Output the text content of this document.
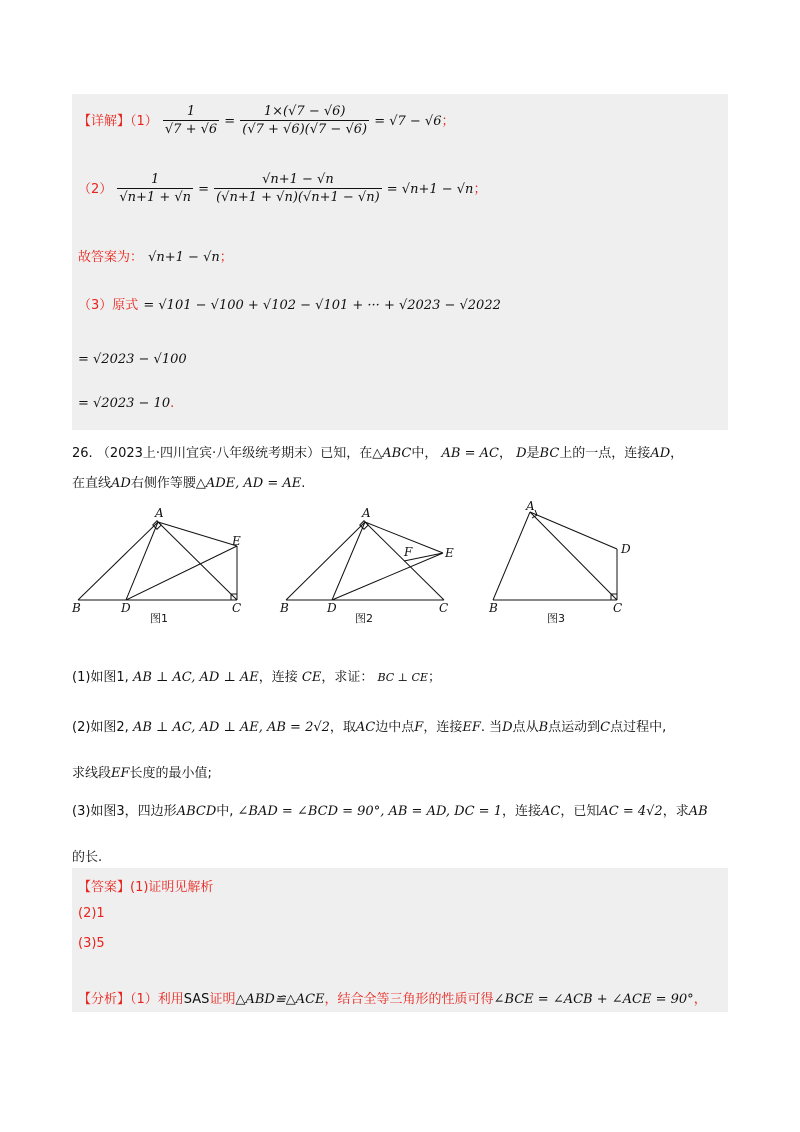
【详解】$(1) \frac{1}{√7 + √6} = \frac{1\times(√7 - √6)}{(√7 + √6)(√7 - √6)} = √7 - √6$；
$(2) \frac{1}{√n+1 + √n} = \frac{√n+1 - √n}{(√n+1 + √n)(√n+1 - √n)} = √n+1 - √n$；
故答案为： √n+1 − √n；
（3）原式 = √101 − √100 + √102 − √101 + ··· + √2023 − √2022
= √2023 − √100
= √2023 − 10.
26. （2023上·四川宜宾·八年级统考期末）已知，在△ABC中， AB = AC， D是BC上的一点，连接AD，
在直线AD右侧作等腰△ADE, AD = AE.
A
B	C
D
E
图1
A
B	C
D
E
F
图2
A
B	C
D
图3
(1)如图1, AB ⊥ AC, AD ⊥ AE，连接 CE，求证： BC ⊥ CE；
(2)如图2, AB ⊥ AC, AD ⊥ AE, AB = 2√2，取AC边中点F，连接EF. 当D点从B点运动到C点过程中,
求线段EF长度的最小值;
(3)如图3，四边形ABCD中, ∠BAD = ∠BCD = 90°, AB = AD, DC = 1，连接AC，已知AC = 4√2，求AB
的长.
【答案】(1)证明见解析
(2)1
(3)5
【分析】（1）利用SAS证明△ABD≌△ACE，结合全等三角形的性质可得∠BCE = ∠ACB + ∠ACE = 90°，
